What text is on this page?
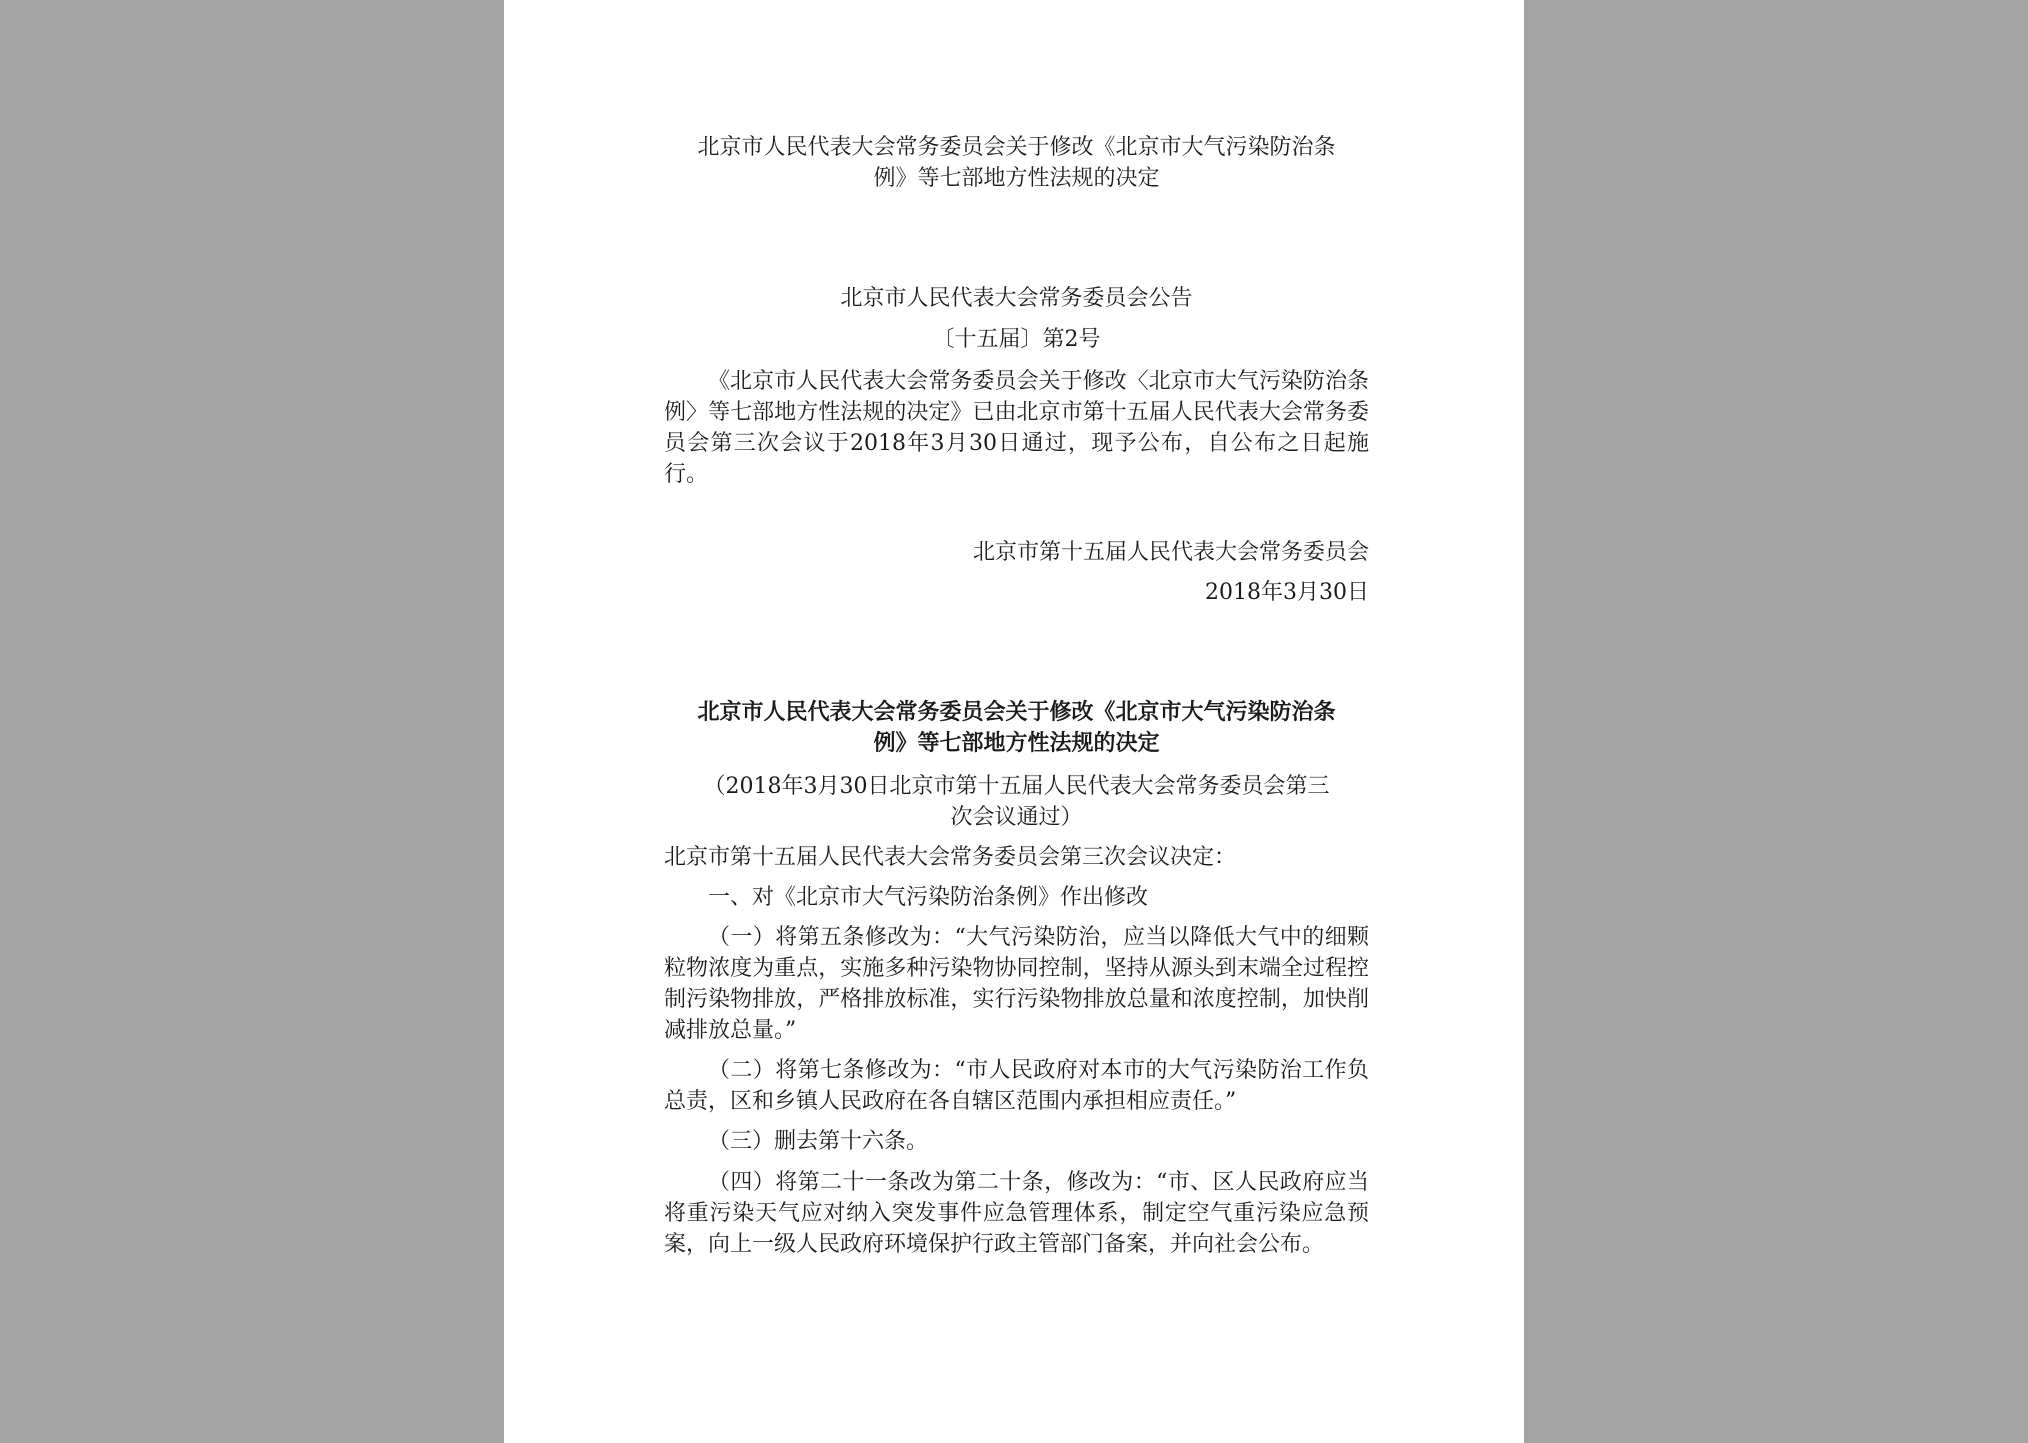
北京市人民代表大会常务委员会关于修改《北京市大气污染防治条
例》等七部地方性法规的决定
北京市人民代表大会常务委员会公告
〔十五届〕第2号

《北京市人民代表大会常务委员会关于修改〈北京市大气污染防治条例〉等七部地方性法规的决定》已由北京市第十五届人民代表大会常务委员会第三次会议于2018年3月30日通过，现予公布，自公布之日起施行。

北京市第十五届人民代表大会常务委员会
2018年3月30日
北京市人民代表大会常务委员会关于修改《北京市大气污染防治条
例》等七部地方性法规的决定
（2018年3月30日北京市第十五届人民代表大会常务委员会第三
次会议通过）
北京市第十五届人民代表大会常务委员会第三次会议决定：
一、对《北京市大气污染防治条例》作出修改

（一）将第五条修改为：“大气污染防治，应当以降低大气中的细颗粒物浓度为重点，实施多种污染物协同控制，坚持从源头到末端全过程控制污染物排放，严格排放标准，实行污染物排放总量和浓度控制，加快削减排放总量。”

（二）将第七条修改为：“市人民政府对本市的大气污染防治工作负总责，区和乡镇人民政府在各自辖区范围内承担相应责任。”

（三）删去第十六条。

（四）将第二十一条改为第二十条，修改为：“市、区人民政府应当将重污染天气应对纳入突发事件应急管理体系，制定空气重污染应急预案，向上一级人民政府环境保护行政主管部门备案，并向社会公布。
